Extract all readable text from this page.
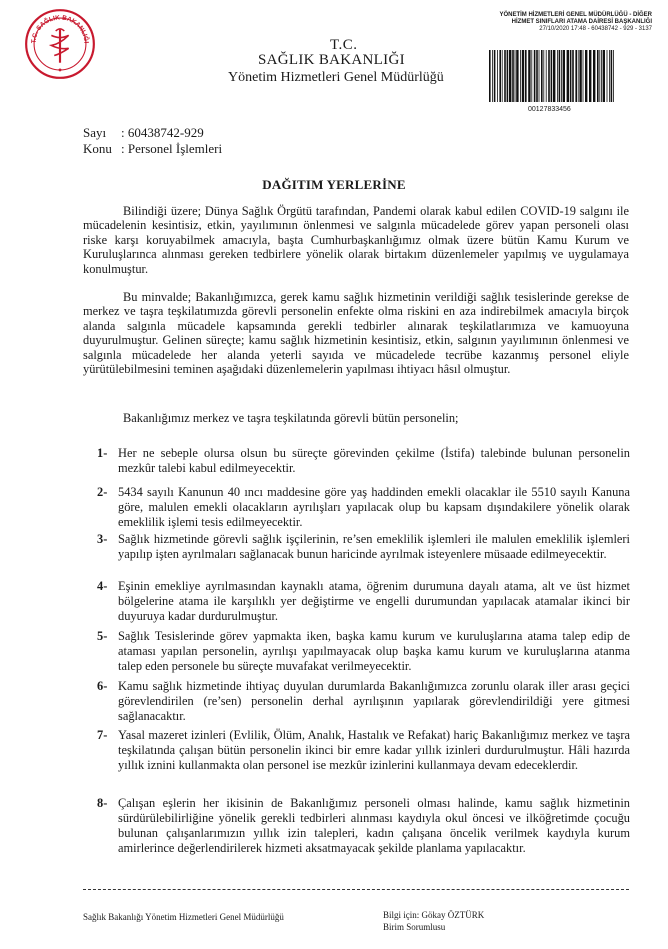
T.C. SAĞLIK BAKANLIĞI	T.C.
SAĞLIK BAKANLIĞI
Yönetim Hizmetleri Genel Müdürlüğü
YÖNETİM HİZMETLERİ GENEL MÜDÜRLÜĞÜ - DİĞER
HİZMET SINIFLARI ATAMA DAİRESİ BAŞKANLIĞI
27/10/2020 17:48 - 60438742 - 929 - 3137
00127833456
Sayı : 60438742-929
Konu : Personel İşlemleri
DAĞITIM YERLERİNE
Bilindiği üzere; Dünya Sağlık Örgütü tarafından, Pandemi olarak kabul edilen COVID-19 salgını ile mücadelenin kesintisiz, etkin, yayılımının önlenmesi ve salgınla mücadelede görev yapan personeli olası riske karşı koruyabilmek amacıyla, başta Cumhurbaşkanlığımız olmak üzere bütün Kamu Kurum ve Kuruluşlarınca alınması gereken tedbirlere yönelik olarak birtakım düzenlemeler yapılmış ve uygulamaya konulmuştur.
Bu minvalde; Bakanlığımızca, gerek kamu sağlık hizmetinin verildiği sağlık tesislerinde gerekse de merkez ve taşra teşkilatımızda görevli personelin enfekte olma riskini en aza indirebilmek amacıyla birçok alanda salgınla mücadele kapsamında gerekli tedbirler alınarak teşkilatlarımıza ve kamuoyuna duyurulmuştur. Gelinen süreçte; kamu sağlık hizmetinin kesintisiz, etkin, salgının yayılımının önlenmesi ve salgınla mücadelede her alanda yeterli sayıda ve mücadelede tecrübe kazanmış personel eliyle yürütülebilmesini teminen aşağıdaki düzenlemelerin yapılması ihtiyacı hâsıl olmuştur.
Bakanlığımız merkez ve taşra teşkilatında görevli bütün personelin;
1- Her ne sebeple olursa olsun bu süreçte görevinden çekilme (İstifa) talebinde bulunan personelin mezkûr talebi kabul edilmeyecektir.
2- 5434 sayılı Kanunun 40 ıncı maddesine göre yaş haddinden emekli olacaklar ile 5510 sayılı Kanuna göre, malulen emekli olacakların ayrılışları yapılacak olup bu kapsam dışındakilere yönelik olarak emeklilik işlemi tesis edilmeyecektir.
3- Sağlık hizmetinde görevli sağlık işçilerinin, re’sen emeklilik işlemleri ile malulen emeklilik işlemleri yapılıp işten ayrılmaları sağlanacak bunun haricinde ayrılmak isteyenlere müsaade edilmeyecektir.
4- Eşinin emekliye ayrılmasından kaynaklı atama, öğrenim durumuna dayalı atama, alt ve üst hizmet bölgelerine atama ile karşılıklı yer değiştirme ve engelli durumundan yapılacak atamalar ikinci bir duyuruya kadar durdurulmuştur.
5- Sağlık Tesislerinde görev yapmakta iken, başka kamu kurum ve kuruluşlarına atama talep edip de ataması yapılan personelin, ayrılışı yapılmayacak olup başka kamu kurum ve kuruluşlarına atanma talep eden personele bu süreçte muvafakat verilmeyecektir.
6- Kamu sağlık hizmetinde ihtiyaç duyulan durumlarda Bakanlığımızca zorunlu olarak iller arası geçici görevlendirilen (re’sen) personelin derhal ayrılışının yapılarak görevlendirildiği yere gitmesi sağlanacaktır.
7- Yasal mazeret izinleri (Evlilik, Ölüm, Analık, Hastalık ve Refakat) hariç Bakanlığımız merkez ve taşra teşkilatında çalışan bütün personelin ikinci bir emre kadar yıllık izinleri durdurulmuştur. Hâli hazırda yıllık iznini kullanmakta olan personel ise mezkûr izinlerini kullanmaya devam edeceklerdir.
8- Çalışan eşlerin her ikisinin de Bakanlığımız personeli olması halinde, kamu sağlık hizmetinin sürdürülebilirliğine yönelik gerekli tedbirleri alınması kaydıyla okul öncesi ve ilköğretimde çocuğu bulunan çalışanlarımızın yıllık izin talepleri, kadın çalışana öncelik verilmek kaydıyla kurum amirlerince değerlendirilerek hizmeti aksatmayacak şekilde planlama yapılacaktır.
Sağlık Bakanlığı Yönetim Hizmetleri Genel Müdürlüğü	Bilgi için: Gökay ÖZTÜRK
Birim Sorumlusu
